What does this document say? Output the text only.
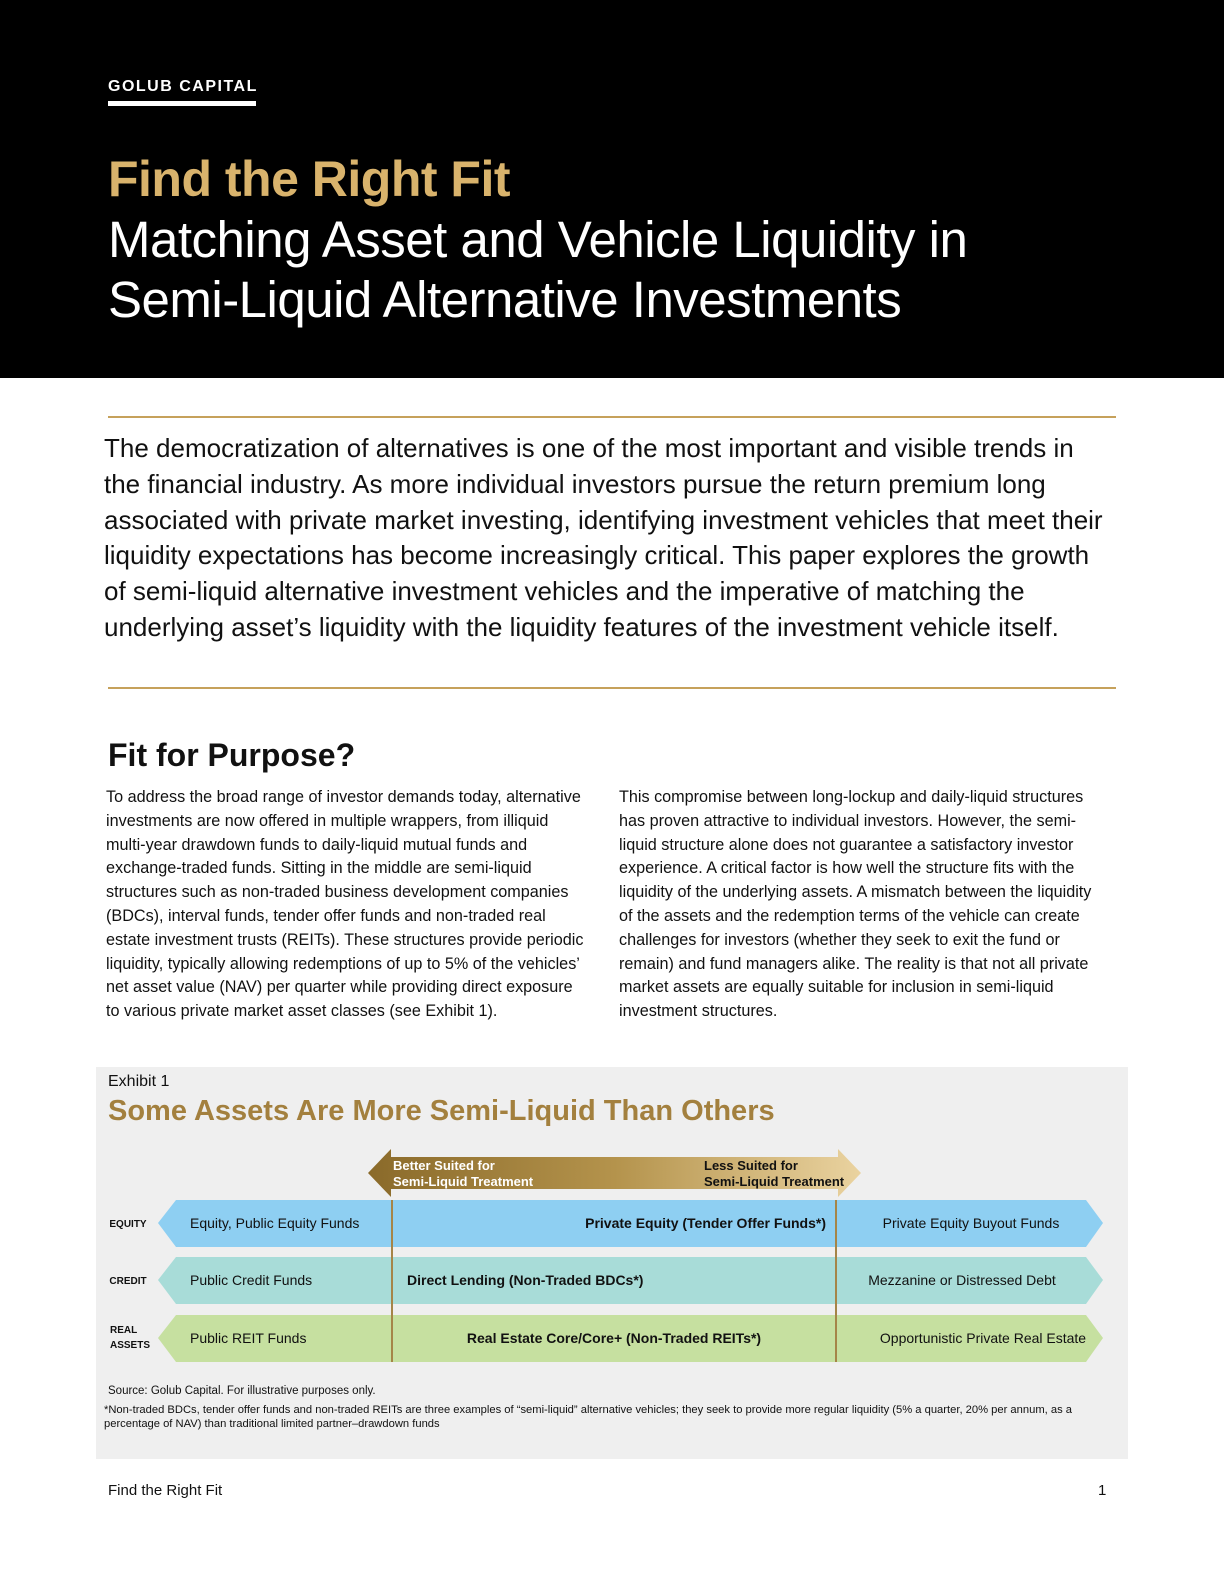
GOLUB CAPITAL
Find the Right Fit
Matching Asset and Vehicle Liquidity in
Semi-Liquid Alternative Investments
The democratization of alternatives is one of the most important and visible trends in the financial industry. As more individual investors pursue the return premium long associated with private market investing, identifying investment vehicles that meet their liquidity expectations has become increasingly critical. This paper explores the growth of semi-liquid alternative investment vehicles and the imperative of matching the underlying asset’s liquidity with the liquidity features of the investment vehicle itself.
Fit for Purpose?
To address the broad range of investor demands today, alternative investments are now offered in multiple wrappers, from illiquid multi-year drawdown funds to daily-liquid mutual funds and exchange-traded funds. Sitting in the middle are semi-liquid structures such as non-traded business development companies (BDCs), interval funds, tender offer funds and non-traded real estate investment trusts (REITs). These structures provide periodic liquidity, typically allowing redemptions of up to 5% of the vehicles’ net asset value (NAV) per quarter while providing direct exposure to various private market asset classes (see Exhibit 1).
This compromise between long-lockup and daily-liquid structures has proven attractive to individual investors. However, the semi-liquid structure alone does not guarantee a satisfactory investor experience. A critical factor is how well the structure fits with the liquidity of the underlying assets. A mismatch between the liquidity of the assets and the redemption terms of the vehicle can create challenges for investors (whether they seek to exit the fund or remain) and fund managers alike. The reality is that not all private market assets are equally suitable for inclusion in semi-liquid investment structures.
Exhibit 1
Some Assets Are More Semi-Liquid Than Others
Better Suited for
Semi-Liquid Treatment
Less Suited for
Semi-Liquid Treatment
EQUITY	Equity, Public Equity Funds	Private Equity (Tender Offer Funds*)	Private Equity Buyout Funds
CREDIT	Public Credit Funds	Direct Lending (Non-Traded BDCs*)	Mezzanine or Distressed Debt
REAL
ASSETS	Public REIT Funds	Real Estate Core/Core+ (Non-Traded REITs*)	Opportunistic Private Real Estate
Source: Golub Capital. For illustrative purposes only.
*Non-traded BDCs, tender offer funds and non-traded REITs are three examples of “semi-liquid” alternative vehicles; they seek to provide more regular liquidity (5% a quarter, 20% per annum, as a percentage of NAV) than traditional limited partner–drawdown funds
Find the Right Fit	1
